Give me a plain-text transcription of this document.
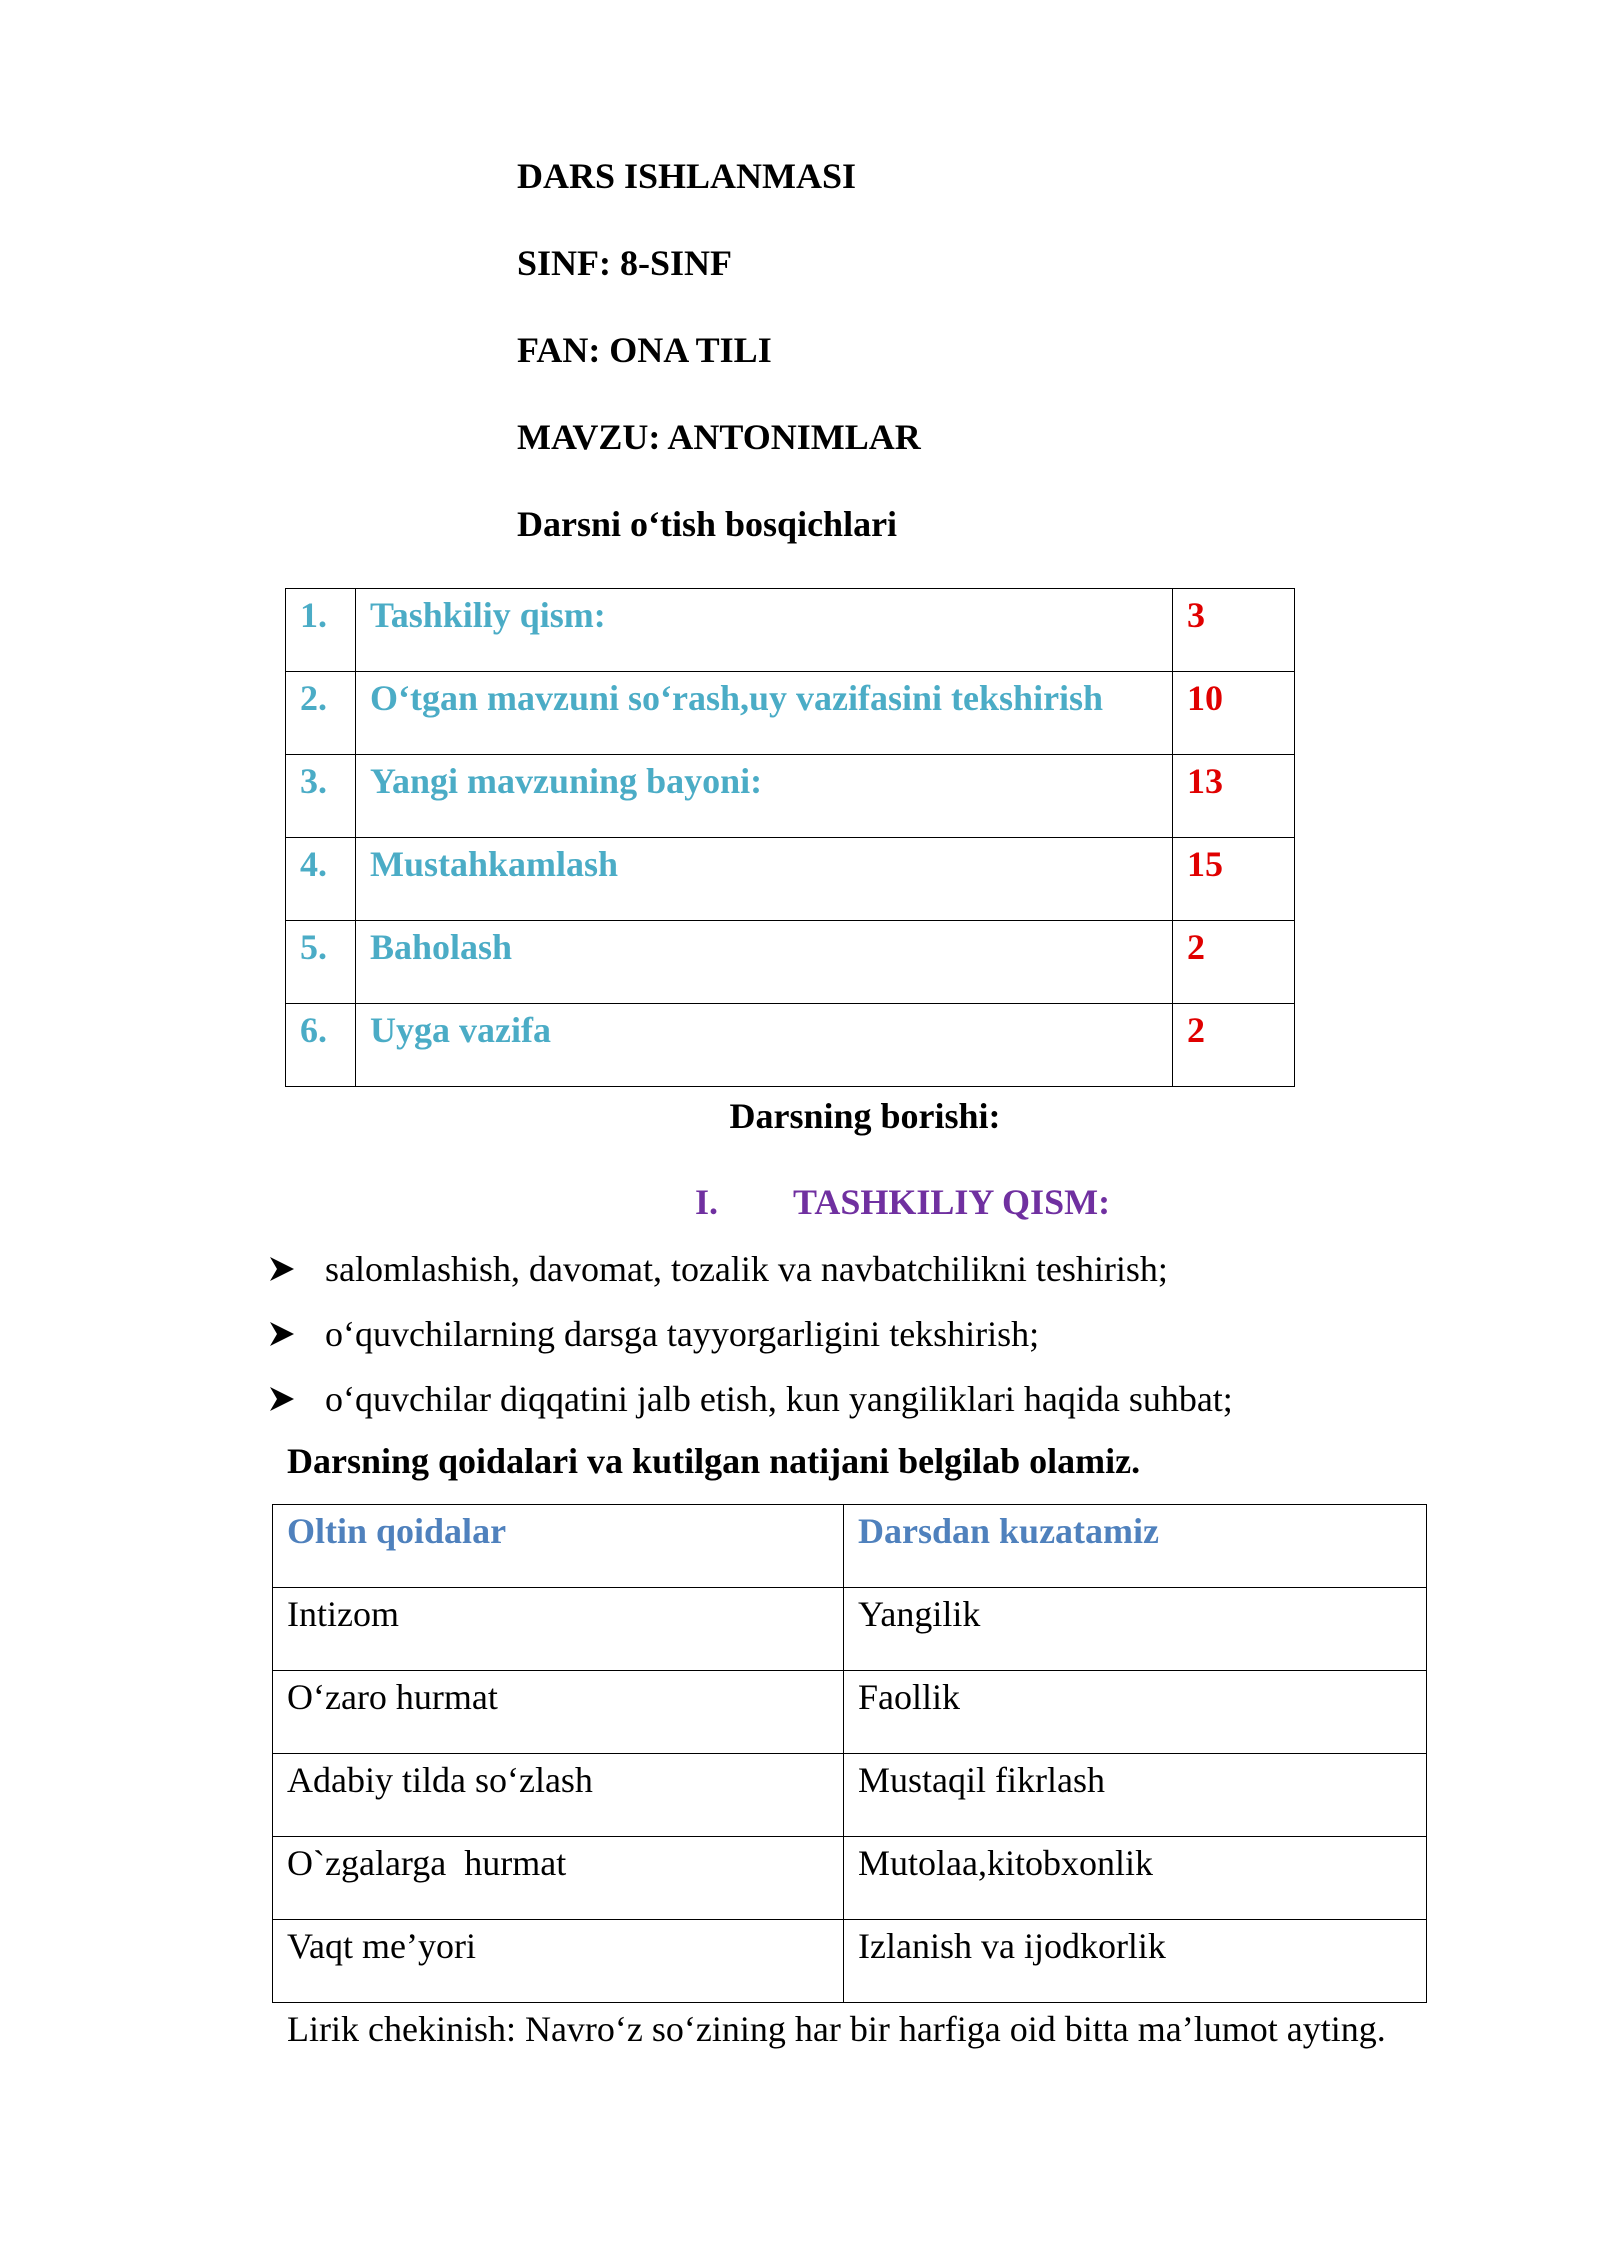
DARS ISHLANMASI
SINF: 8-SINF
FAN: ONA TILI
MAVZU: ANTONIMLAR
Darsni o‘tish bosqichlari
1.	Tashkiliy qism:	3
2.	O‘tgan mavzuni so‘rash,uy vazifasini tekshirish	10
3.	Yangi mavzuning bayoni:	13
4.	Mustahkamlash	15
5.	Baholash	2
6.	Uyga vazifa	2
Darsning borishi:
I. TASHKILIY QISM:
salomlashish, davomat, tozalik va navbatchilikni teshirish;
o‘quvchilarning darsga tayyorgarligini tekshirish;
o‘quvchilar diqqatini jalb etish, kun yangiliklari haqida suhbat;
Darsning qoidalari va kutilgan natijani belgilab olamiz.
Oltin qoidalar	Darsdan kuzatamiz
Intizom	Yangilik
O‘zaro hurmat	Faollik
Adabiy tilda so‘zlash	Mustaqil fikrlash
O`zgalarga  hurmat	Mutolaa,kitobxonlik
Vaqt me’yori	Izlanish va ijodkorlik
Lirik chekinish: Navro‘z so‘zining har bir harfiga oid bitta ma’lumot ayting.
